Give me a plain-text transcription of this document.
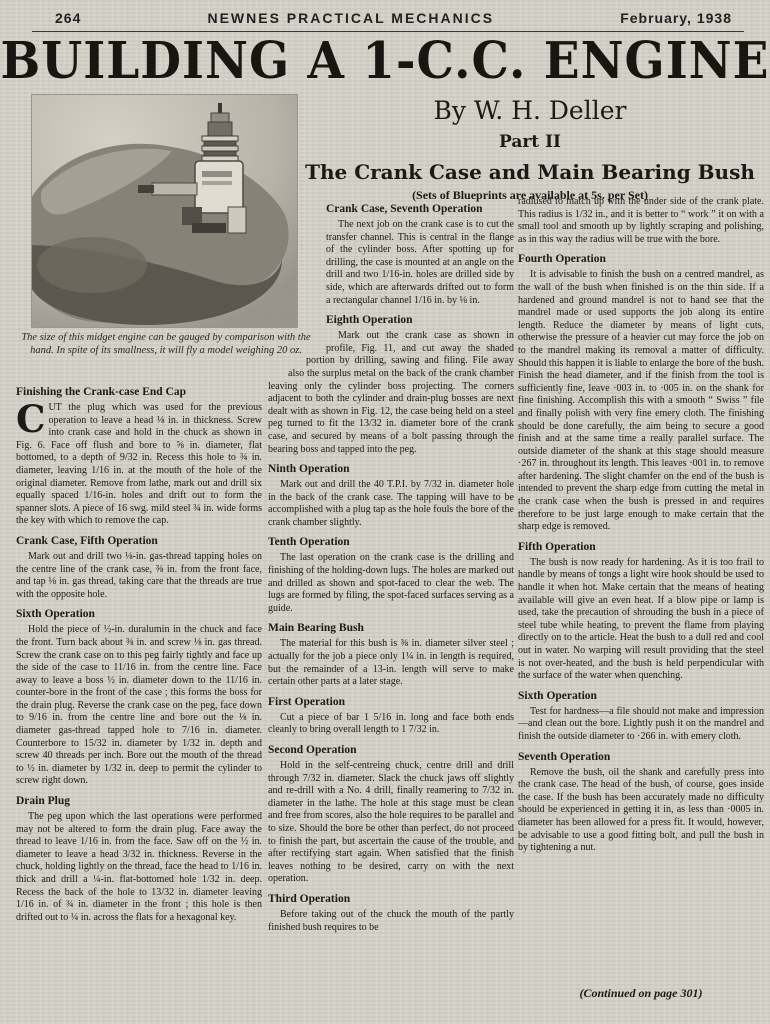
264	NEWNES PRACTICAL MECHANICS	February, 1938
BUILDING A 1-C.C. ENGINE
By W. H. Deller
Part II
The Crank Case and Main Bearing Bush
(Sets of Blueprints are available at 5s. per Set)
The size of this midget engine can be gauged by comparison with the hand. In spite of its smallness, it will fly a model weighing 20 oz.
Finishing the Crank-case End Cap

CUT the plug which was used for the previous operation to leave a head ⅛ in. in thickness. Screw into crank case and hold in the chuck as shown in Fig. 6. Face off flush and bore to ⅝ in. diameter, flat bottomed, to a depth of 9/32 in. Recess this hole to ¾ in. diameter, leaving 1/16 in. at the mouth of the hole of the original diameter. Remove from lathe, mark out and drill six equally spaced 1/16-in. holes and drift out to form the spanner slots. A piece of 16 swg. mild steel ¾ in. wide forms the key with which to remove the cap.

Crank Case, Fifth Operation

Mark out and drill two ⅛-in. gas-thread tapping holes on the centre line of the crank case, ⅜ in. from the front face, and tap ⅛ in. gas thread, taking care that the threads are true with the opposite hole.

Sixth Operation

Hold the piece of ½-in. duralumin in the chuck and face the front. Turn back about ⅜ in. and screw ⅛ in. gas thread. Screw the crank case on to this peg fairly tightly and face up the side of the case to 11/16 in. from the centre line. Face away to leave a boss ½ in. diameter down to the 11/16 in. counter-bore in the front of the case ; this forms the boss for the drain plug. Reverse the crank case on the peg, face down to 9/16 in. from the centre line and bore out the ⅛ in. diameter gas-thread tapped hole to 7/16 in. diameter. Counterbore to 15/32 in. diameter by 1/32 in. depth and screw 40 threads per inch. Bore out the mouth of the thread to ½ in. diameter by 1/32 in. deep to permit the cylinder to screw right down.

Drain Plug

The peg upon which the last operations were performed may not be altered to form the drain plug. Face away the thread to leave 1/16 in. from the face. Saw off on the ½ in. diameter to leave a head 3/32 in. thickness. Reverse in the chuck, holding lightly on the thread, face the head to 1/16 in. thick and drill a ¼-in. flat-bottomed hole 1/32 in. deep. Recess the back of the hole to 13/32 in. diameter leaving 1/16 in. of ¾ in. diameter in the front ; this hole is then drifted out to ¼ in. across the flats for a hexagonal key.

Crank Case, Seventh Operation

The next job on the crank case is to cut the transfer channel. This is central in the flange of the cylinder boss. After spotting up for drilling, the case is mounted at an angle on the drill and two 1/16-in. holes are drilled side by side, which are afterwards drifted out to form a rectangular channel 1/16 in. by ⅛ in.

Eighth Operation

Mark out the crank case as shown in profile, Fig. 11, and cut away the shaded portion by drilling, sawing and filing. File away also the surplus metal on the back of the crank chamber leaving only the cylinder boss projecting. The corners adjacent to both the cylinder and drain-plug bosses are next dealt with as shown in Fig. 12, the case being held on a steel peg turned to fit the 13/32 in. diameter bore of the crank case, and secured by means of a bolt passing through the bearing boss and tapped into the peg.

Ninth Operation

Mark out and drill the 40 T.P.I. by 7/32 in. diameter hole in the back of the crank case. The tapping will have to be accomplished with a plug tap as the hole fouls the bore of the crank chamber slightly.

Tenth Operation

The last operation on the crank case is the drilling and finishing of the holding-down lugs. The holes are marked out and drilled as shown and spot-faced to clear the web. The lugs are formed by filing, the spot-faced surfaces serving as a guide.

Main Bearing Bush

The material for this bush is ⅜ in. diameter silver steel ; actually for the job a piece only 1¼ in. in length is required, but the remainder of a 13-in. length will serve to make certain other parts at a later stage.

First Operation

Cut a piece of bar 1 5/16 in. long and face both ends cleanly to bring overall length to 1 7/32 in.

Second Operation

Hold in the self-centreing chuck, centre drill and drill through 7/32 in. diameter. Slack the chuck jaws off slightly and re-drill with a No. 4 drill, finally reamering to 7/32 in. diameter in the lathe. The hole at this stage must be clean and free from scores, also the hole requires to be parallel and to size. Should the bore be other than perfect, do not proceed to finish the part, but ascertain the cause of the trouble, and after rectifying start again. When satisfied that the finish leaves nothing to be desired, carry on with the next operation.

Third Operation

Before taking out of the chuck the mouth of the partly finished bush requires to be

radiused to match up with the under side of the crank plate. This radius is 1/32 in., and it is better to “ work ” it on with a small tool and smooth up by lightly scraping and polishing, as in this way the radius will be true with the bore.

Fourth Operation

It is advisable to finish the bush on a centred mandrel, as the wall of the bush when finished is on the thin side. If a hardened and ground mandrel is not to hand see that the mandrel made or used supports the job along its entire length. Reduce the diameter by means of light cuts, otherwise the pressure of a heavier cut may force the job on to the mandrel making its removal a matter of difficulty. Should this happen it is liable to enlarge the bore of the bush. Finish the head diameter, and if the finish from the tool is sufficiently fine, leave ·003 in. to ·005 in. on the shank for fine finishing. Accomplish this with a smooth “ Swiss ” file and finally polish with very fine emery cloth. The finishing should be done carefully, the aim being to secure a good finish and at the same time a really parallel surface. The outside diameter of the shank at this stage should measure ·267 in. throughout its length. This leaves ·001 in. to remove after hardening. The slight chamfer on the end of the bush is intended to prevent the sharp edge from cutting the metal in the crank case when the bush is pressed in and requires therefore to be just large enough to make certain that the sharp edge is removed.

Fifth Operation

The bush is now ready for hardening. As it is too frail to handle by means of tongs a light wire hook should be used to handle it when hot. Make certain that the means of heating available will give an even heat. If a blow pipe or lamp is used, take the precaution of shrouding the bush in a piece of steel tube while heating, to prevent the flame from playing directly on to the article. Heat the bush to a dull red and cool out in water. No warping will result providing that the steel is not over-heated, and the bush is held perpendicular with the surface of the water when quenching.

Sixth Operation

Test for hardness—a file should not make and impression—and clean out the bore. Lightly push it on the mandrel and finish the outside diameter to ·266 in. with emery cloth.

Seventh Operation

Remove the bush, oil the shank and carefully press into the crank case. The head of the bush, of course, goes inside the case. If the bush has been accurately made no difficulty should be experienced in getting it in, as less than ·0005 in. diameter has been allowed for a press fit. It would, however, be advisable to use a good fitting bolt, and pull the bush in by tightening a nut.

(Continued on page 301)
